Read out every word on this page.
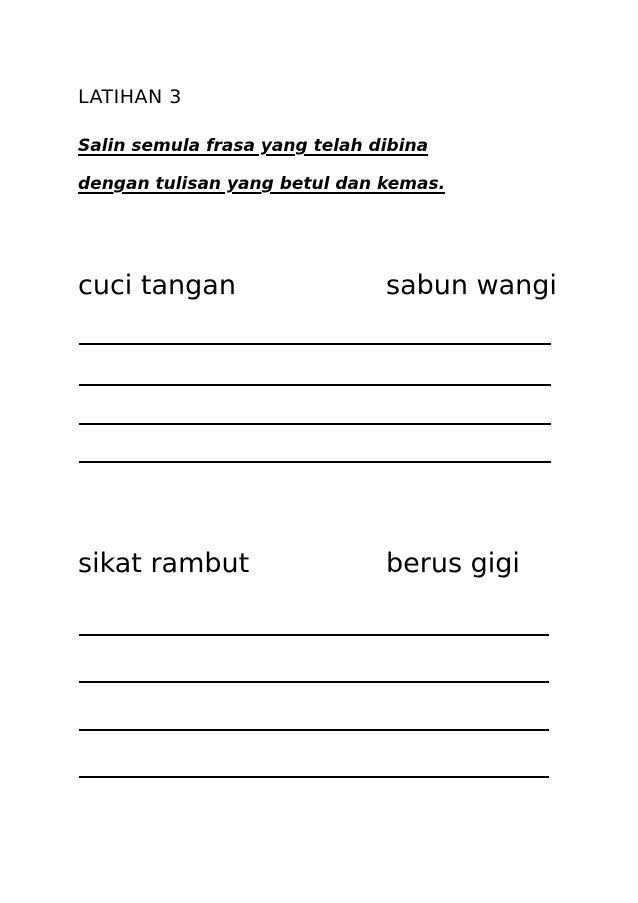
LATIHAN 3
Salin semula frasa yang telah dibina
dengan tulisan yang betul dan kemas.
cuci tangan	sabun wangi
sikat rambut	berus gigi
